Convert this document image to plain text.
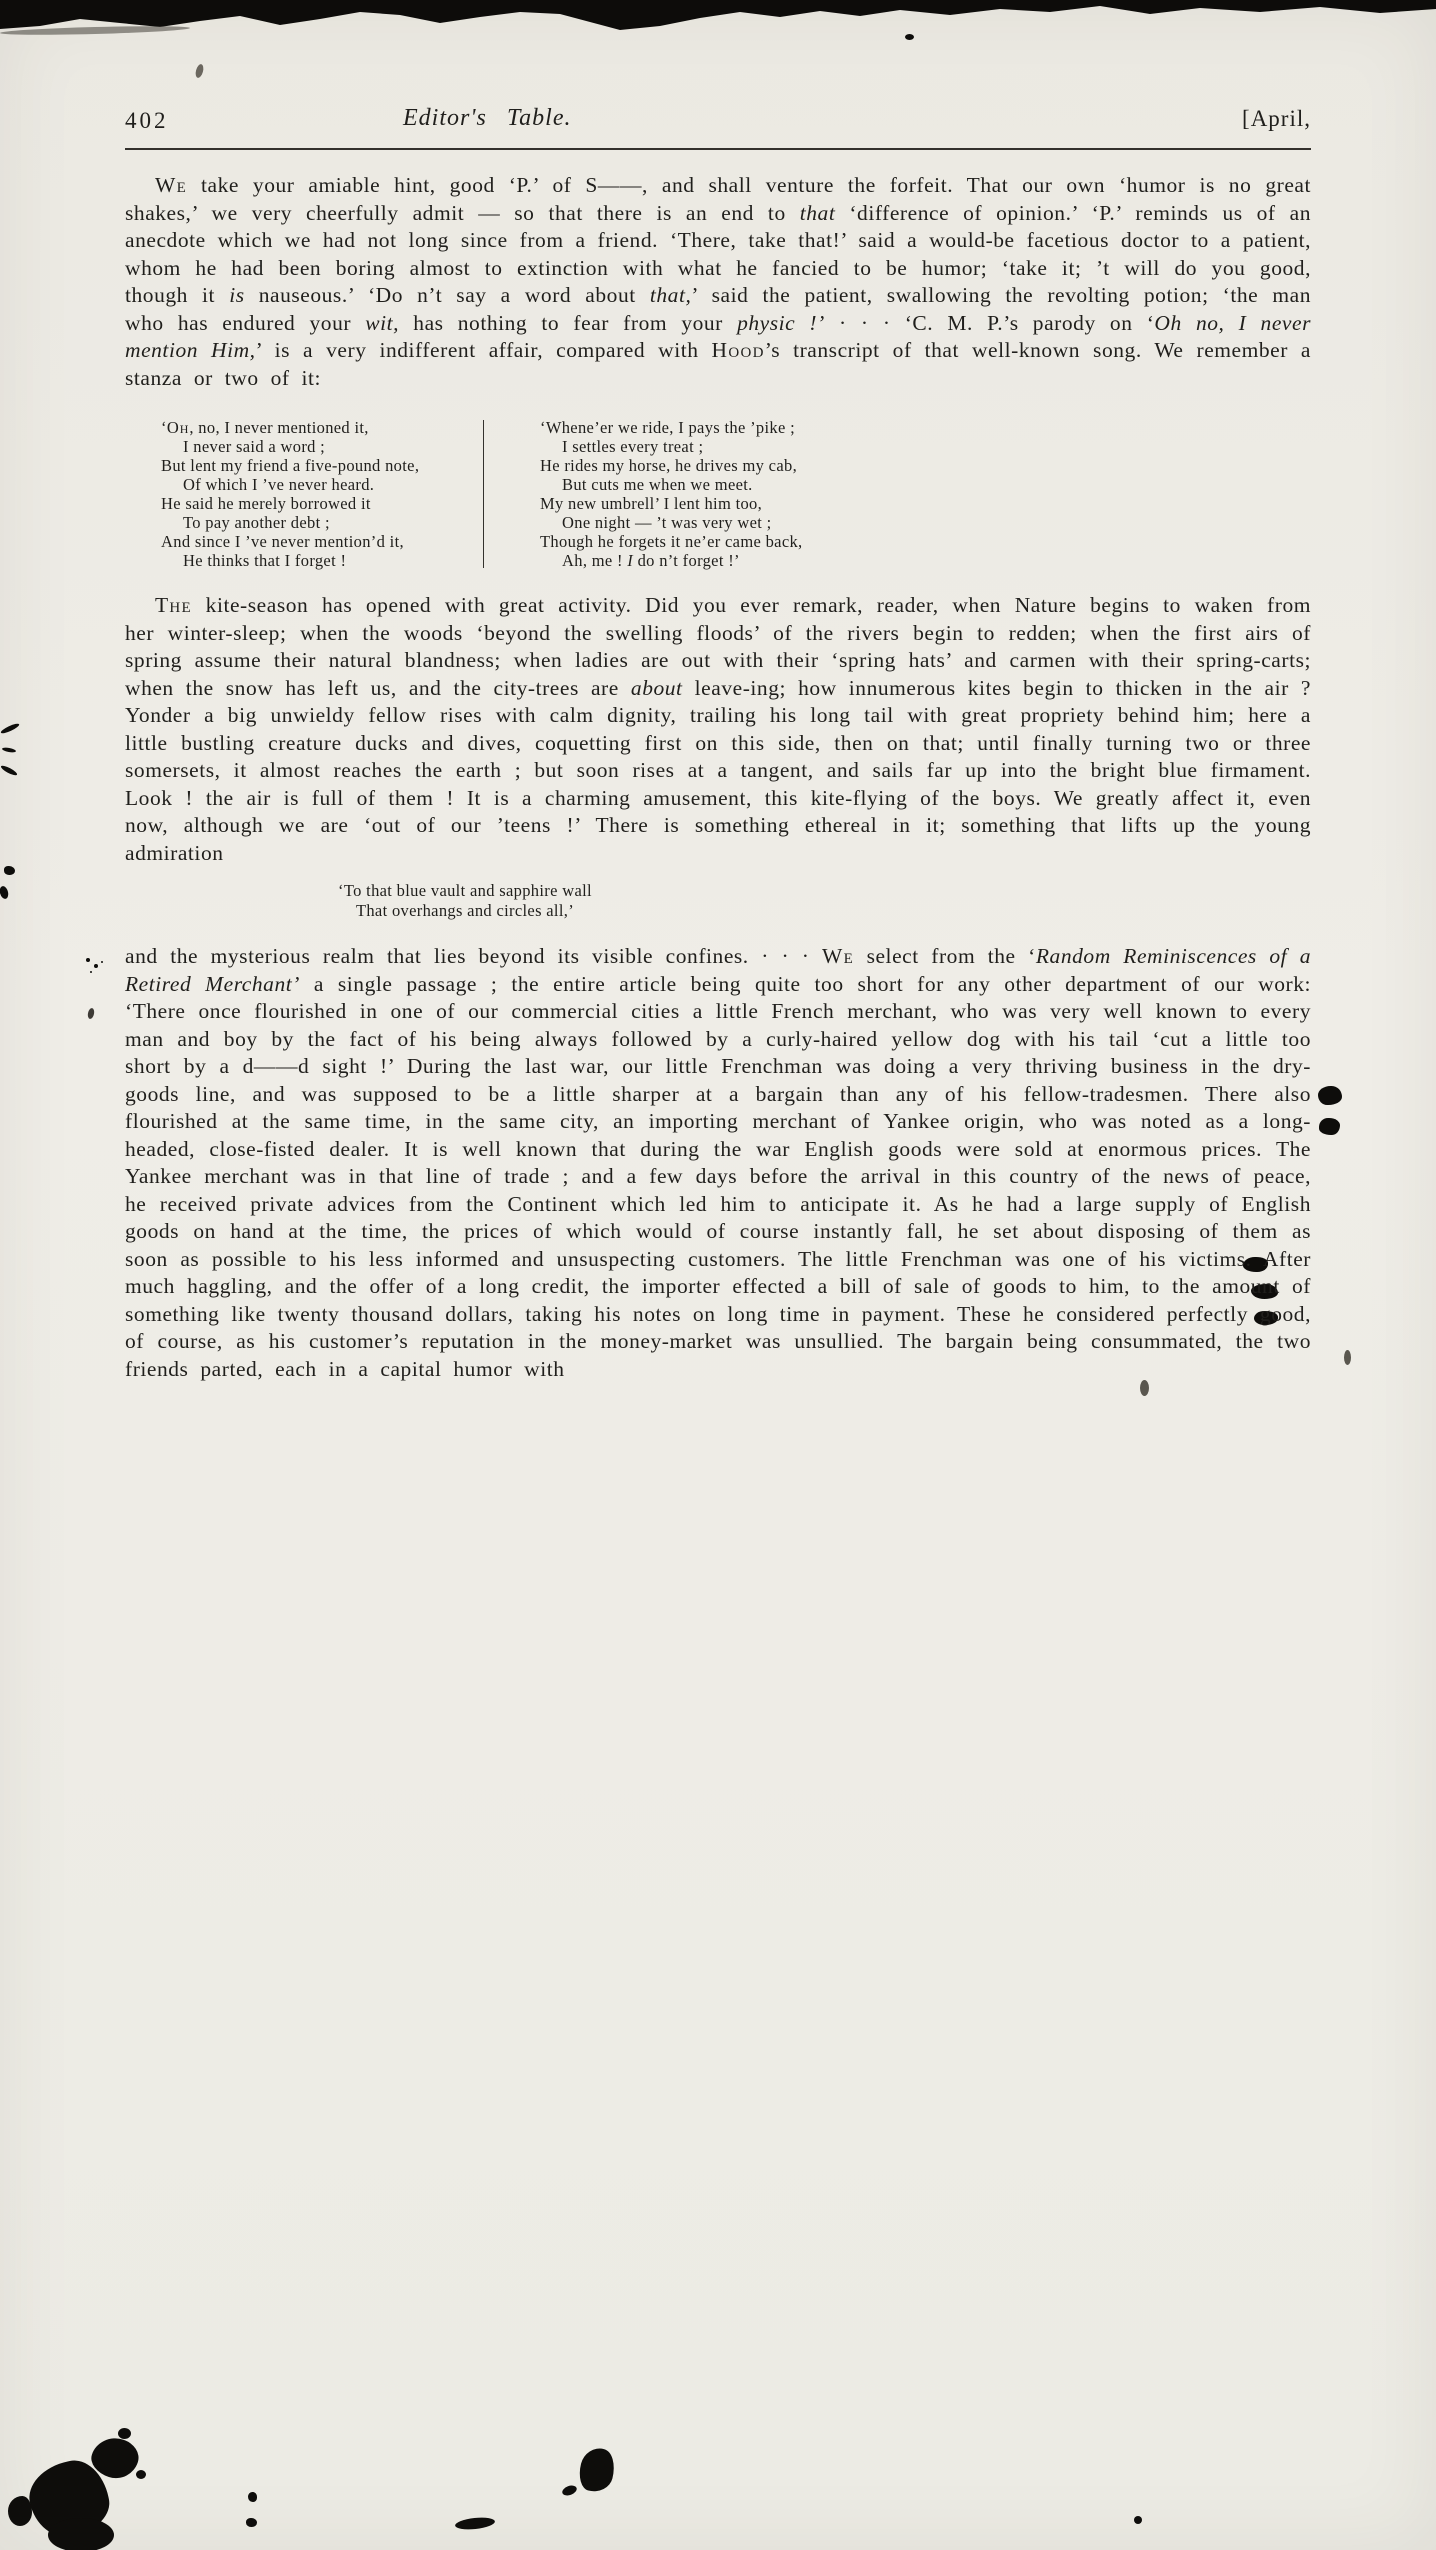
402	Editor's Table.	[April,

We take your amiable hint, good ‘P.’ of S——, and shall venture the forfeit. That our own ‘humor is no great shakes,’ we very cheerfully admit — so that there is an end to that ‘difference of opinion.’ ‘P.’ reminds us of an anecdote which we had not long since from a friend. ‘There, take that!’ said a would-be facetious doctor to a patient, whom he had been boring almost to extinction with what he fancied to be humor; ‘take it; ’t will do you good, though it is nauseous.’ ‘Do n’t say a word about that,’ said the patient, swallowing the revolting potion; ‘the man who has endured your wit, has nothing to fear from your physic !’ · · · ‘C. M. P.’s parody on ‘Oh no, I never mention Him,’ is a very indifferent affair, compared with Hood’s transcript of that well-known song. We remember a stanza or two of it:

‘Oh, no, I never mentioned it,
I never said a word ;
But lent my friend a five-pound note,
Of which I ’ve never heard.
He said he merely borrowed it
To pay another debt ;
And since I ’ve never mention’d it,
He thinks that I forget !
‘Whene’er we ride, I pays the ’pike ;
I settles every treat ;
He rides my horse, he drives my cab,
But cuts me when we meet.
My new umbrell’ I lent him too,
One night — ’t was very wet ;
Though he forgets it ne’er came back,
Ah, me ! I do n’t forget !’

The kite-season has opened with great activity. Did you ever remark, reader, when Nature begins to waken from her winter-sleep; when the woods ‘beyond the swelling floods’ of the rivers begin to redden; when the first airs of spring assume their natural blandness; when ladies are out with their ‘spring hats’ and carmen with their spring-carts; when the snow has left us, and the city-trees are about leave-ing; how innumerous kites begin to thicken in the air ? Yonder a big unwieldy fellow rises with calm dignity, trailing his long tail with great propriety behind him; here a little bustling creature ducks and dives, coquetting first on this side, then on that; until finally turning two or three somersets, it almost reaches the earth ; but soon rises at a tangent, and sails far up into the bright blue firmament. Look ! the air is full of them ! It is a charming amusement, this kite-flying of the boys. We greatly affect it, even now, although we are ‘out of our ’teens !’ There is something ethereal in it; something that lifts up the young admiration

‘To that blue vault and sapphire wall
That overhangs and circles all,’

and the mysterious realm that lies beyond its visible confines. · · · We select from the ‘Random Reminiscences of a Retired Merchant’ a single passage ; the entire article being quite too short for any other department of our work: ‘There once flourished in one of our commercial cities a little French merchant, who was very well known to every man and boy by the fact of his being always followed by a curly-haired yellow dog with his tail ‘cut a little too short by a d——d sight !’ During the last war, our little Frenchman was doing a very thriving business in the dry-goods line, and was supposed to be a little sharper at a bargain than any of his fellow-tradesmen. There also flourished at the same time, in the same city, an importing merchant of Yankee origin, who was noted as a long-headed, close-fisted dealer. It is well known that during the war English goods were sold at enormous prices. The Yankee merchant was in that line of trade ; and a few days before the arrival in this country of the news of peace, he received private advices from the Continent which led him to anticipate it. As he had a large supply of English goods on hand at the time, the prices of which would of course instantly fall, he set about disposing of them as soon as possible to his less informed and unsuspecting customers. The little Frenchman was one of his victims. After much haggling, and the offer of a long credit, the importer effected a bill of sale of goods to him, to the amount of something like twenty thousand dollars, taking his notes on long time in payment. These he considered perfectly good, of course, as his customer’s reputation in the money-market was unsullied. The bargain being consummated, the two friends parted, each in a capital humor with
